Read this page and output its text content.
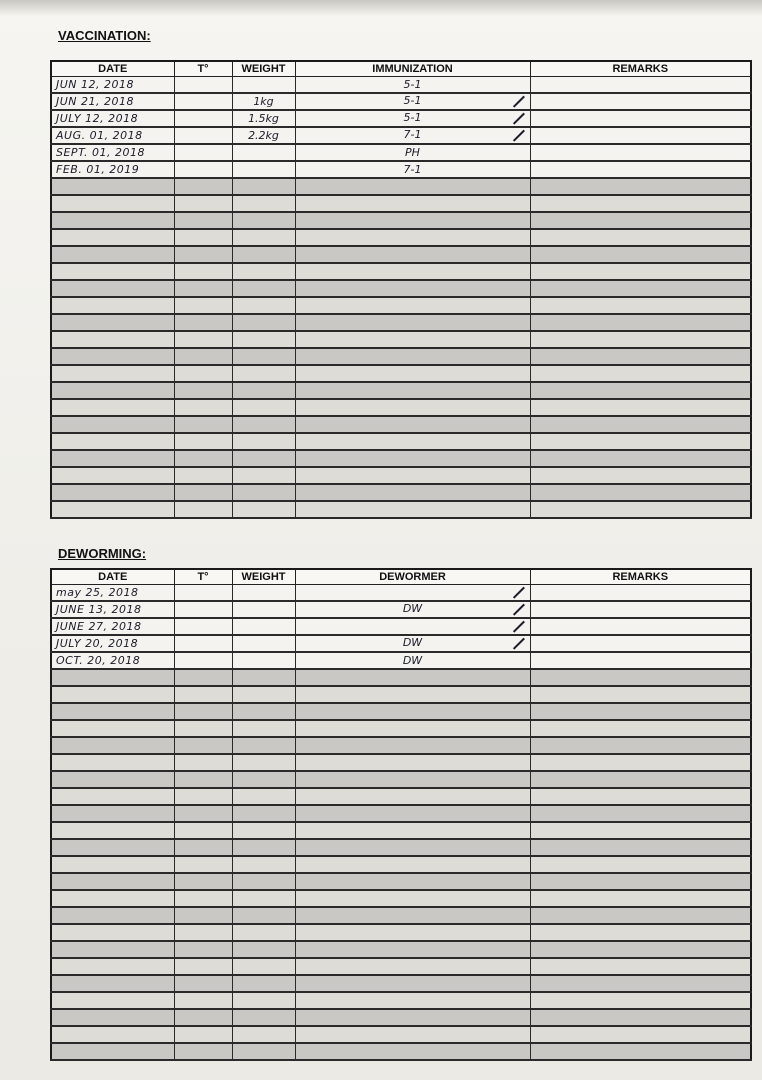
VACCINATION:
DATE	T°	WEIGHT	IMMUNIZATION	REMARKS
JUN 12, 2018			5-1	
JUN 21, 2018		1kg	5-1	

JULY 12, 2018		1.5kg	5-1	

AUG. 01, 2018		2.2kg	7-1	

SEPT. 01, 2018			PH	
FEB. 01, 2019			7-1	

DEWORMING:
DATE	T°	WEIGHT	DEWORMER	REMARKS
may 25, 2018			

JUNE 13, 2018			DW	

JUNE 27, 2018			

JULY 20, 2018			DW	

OCT. 20, 2018			DW	
